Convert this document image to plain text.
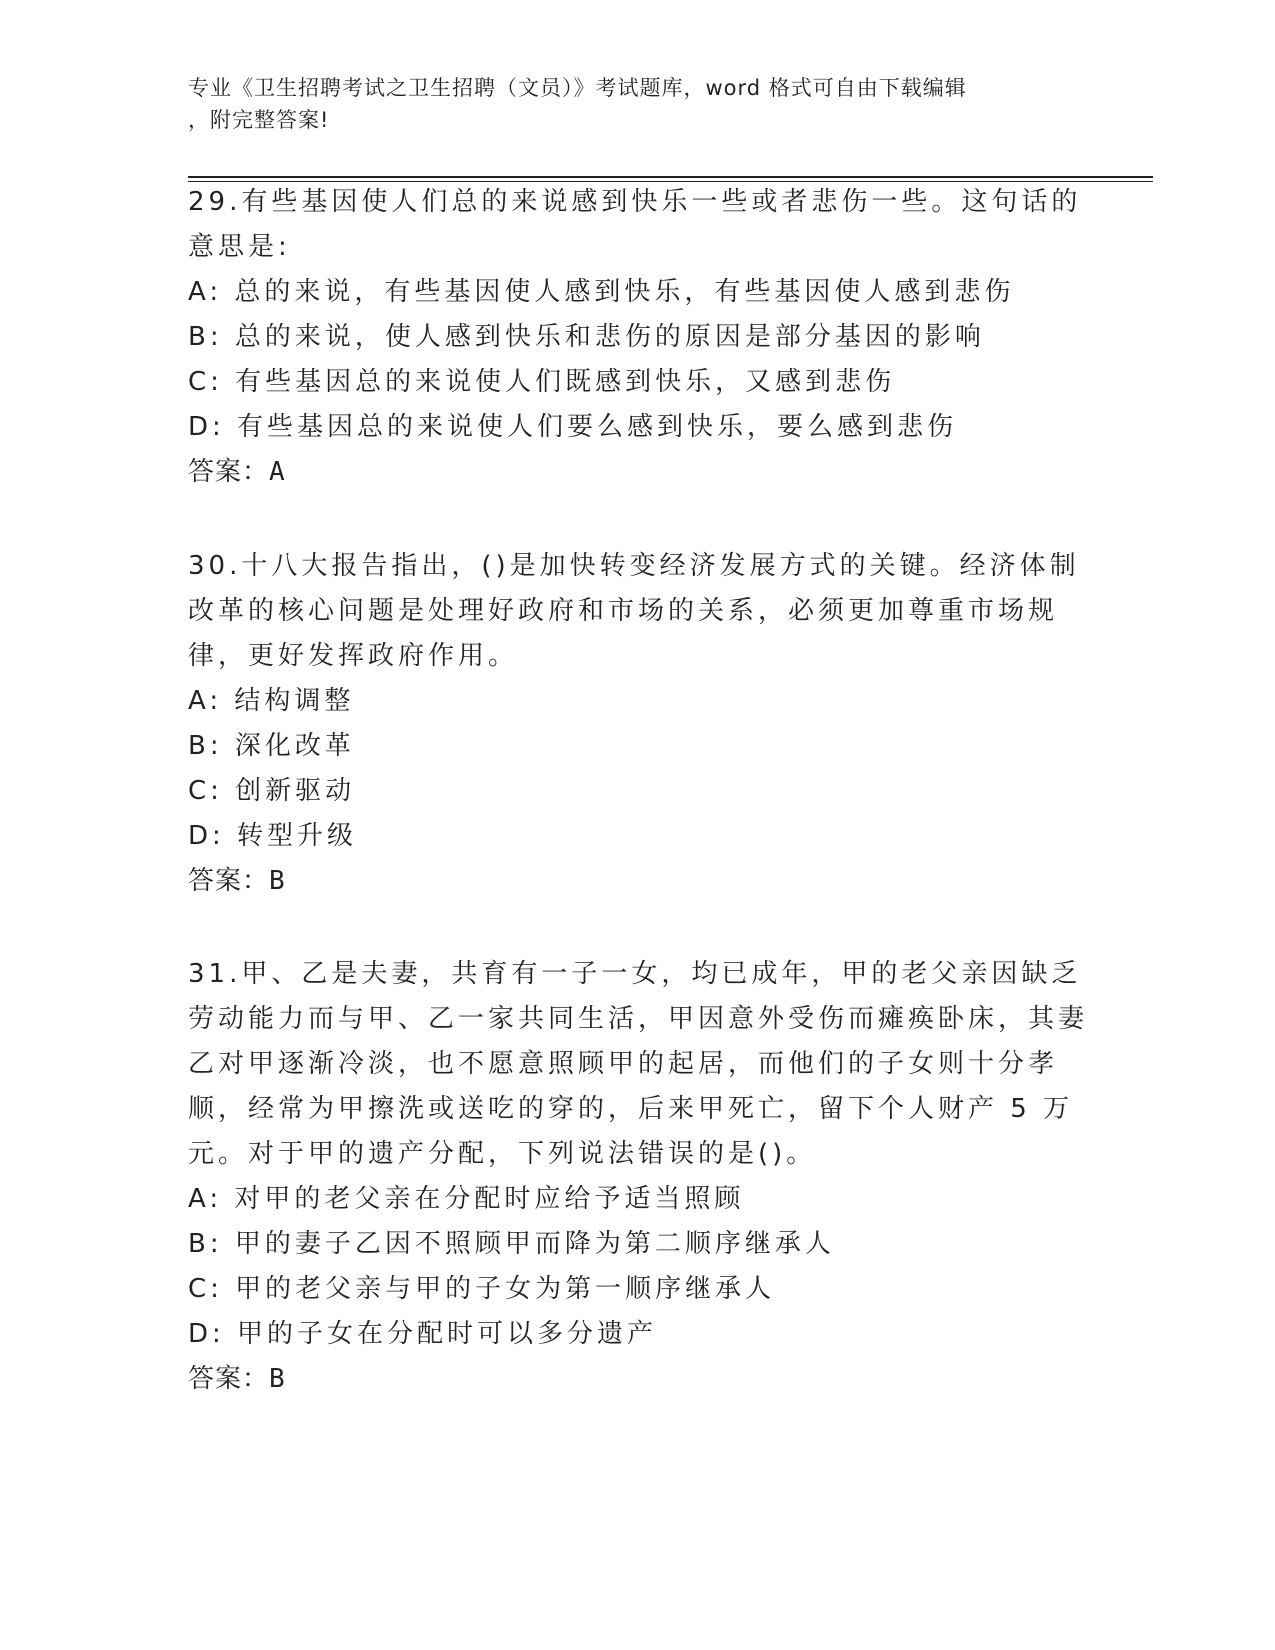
专业《卫生招聘考试之卫生招聘（文员）》考试题库，word 格式可自由下载编辑
，附完整答案!

29.有些基因使人们总的来说感到快乐一些或者悲伤一些。这句话的意思是:

A: 总的来说，有些基因使人感到快乐，有些基因使人感到悲伤

B: 总的来说，使人感到快乐和悲伤的原因是部分基因的影响

C: 有些基因总的来说使人们既感到快乐，又感到悲伤

D: 有些基因总的来说使人们要么感到快乐，要么感到悲伤

答案：A

30.十八大报告指出，()是加快转变经济发展方式的关键。经济体制改革的核心问题是处理好政府和市场的关系，必须更加尊重市场规律，更好发挥政府作用。

A: 结构调整

B: 深化改革

C: 创新驱动

D: 转型升级

答案：B

31.甲、乙是夫妻，共育有一子一女，均已成年，甲的老父亲因缺乏劳动能力而与甲、乙一家共同生活，甲因意外受伤而瘫痪卧床，其妻乙对甲逐渐冷淡，也不愿意照顾甲的起居，而他们的子女则十分孝顺，经常为甲擦洗或送吃的穿的，后来甲死亡，留下个人财产 5 万元。对于甲的遗产分配，下列说法错误的是()。

A: 对甲的老父亲在分配时应给予适当照顾

B: 甲的妻子乙因不照顾甲而降为第二顺序继承人

C: 甲的老父亲与甲的子女为第一顺序继承人

D: 甲的子女在分配时可以多分遗产

答案：B
